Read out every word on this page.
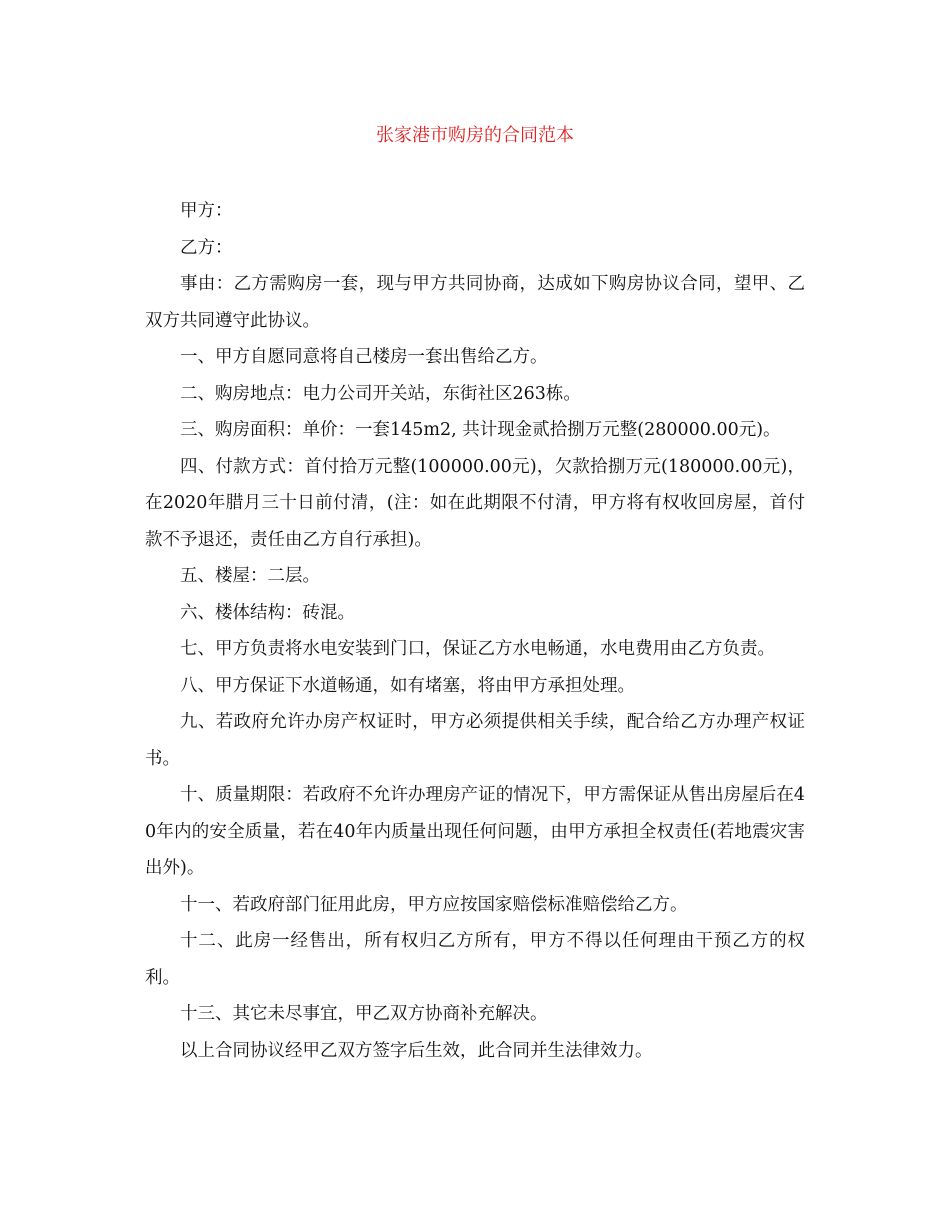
张家港市购房的合同范本

甲方：

乙方：

事由：乙方需购房一套，现与甲方共同协商，达成如下购房协议合同，望甲、乙双方共同遵守此协议。

一、甲方自愿同意将自己楼房一套出售给乙方。

二、购房地点：电力公司开关站，东街社区263栋。

三、购房面积：单价：一套145m2, 共计现金贰拾捌万元整(280000.00元)。

四、付款方式：首付拾万元整(100000.00元)，欠款拾捌万元(180000.00元)，在2020年腊月三十日前付清，(注：如在此期限不付清，甲方将有权收回房屋，首付款不予退还，责任由乙方自行承担)。

五、楼屋：二层。

六、楼体结构：砖混。

七、甲方负责将水电安装到门口，保证乙方水电畅通，水电费用由乙方负责。

八、甲方保证下水道畅通，如有堵塞，将由甲方承担处理。

九、若政府允许办房产权证时，甲方必须提供相关手续，配合给乙方办理产权证书。

十、质量期限：若政府不允许办理房产证的情况下，甲方需保证从售出房屋后在40年内的安全质量，若在40年内质量出现任何问题，由甲方承担全权责任(若地震灾害出外)。

十一、若政府部门征用此房，甲方应按国家赔偿标准赔偿给乙方。

十二、此房一经售出，所有权归乙方所有，甲方不得以任何理由干预乙方的权利。

十三、其它未尽事宜，甲乙双方协商补充解决。

以上合同协议经甲乙双方签字后生效，此合同并生法律效力。
